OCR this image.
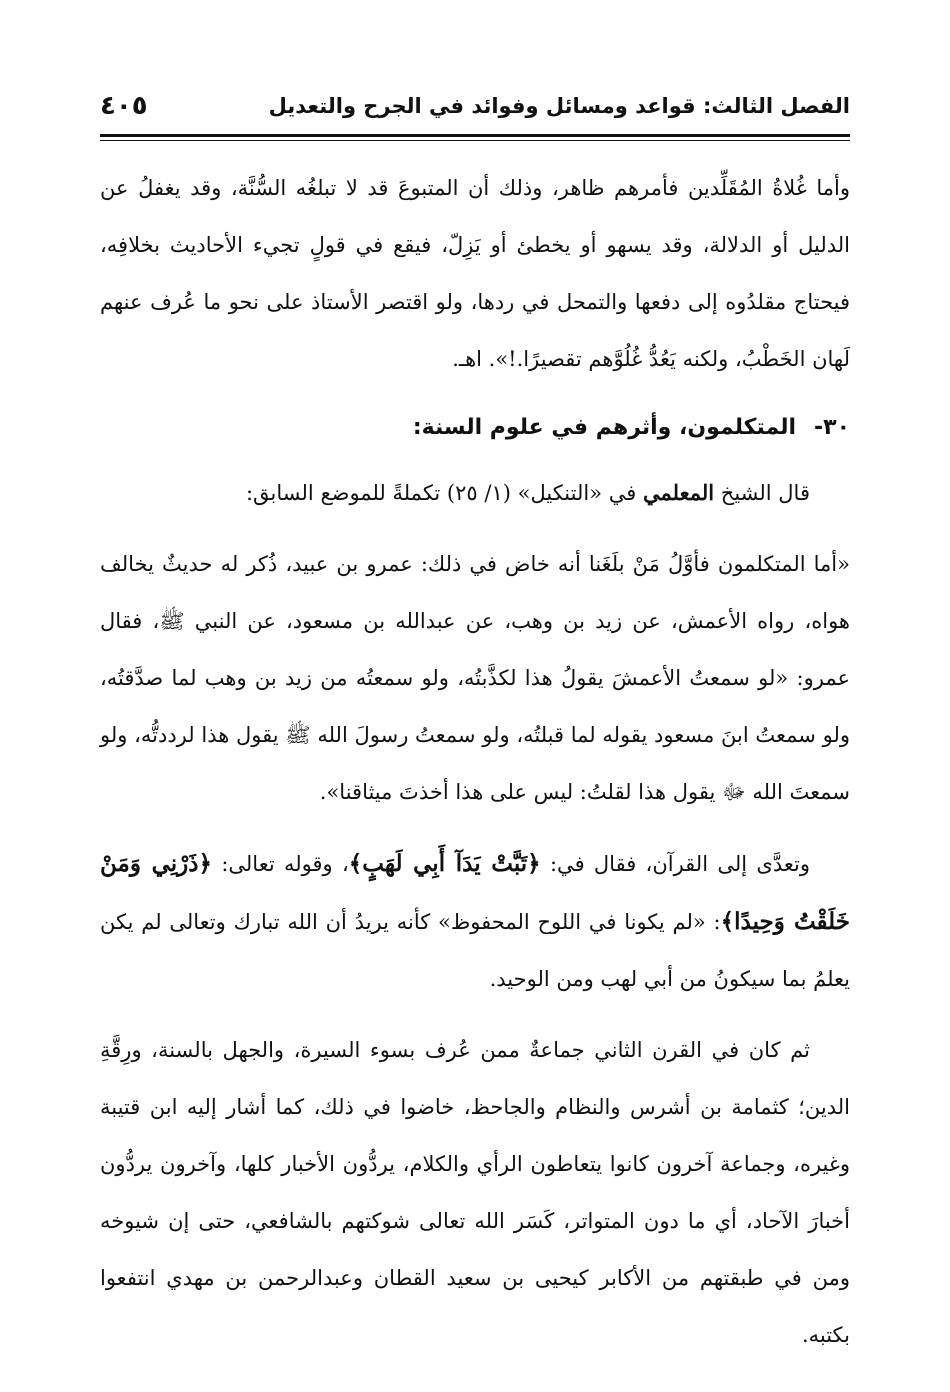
الفصل الثالث: قواعد ومسائل وفوائد في الجرح والتعديل
٤٠٥

وأما غُلاةُ المُقَلِّدين فأمرهم ظاهر، وذلك أن المتبوعَ قد لا تبلغُه السُّنَّة، وقد يغفلُ عن الدليل أو الدلالة، وقد يسهو أو يخطئ أو يَزِلّ، فيقع في قولٍ تجيء الأحاديث بخلافِه، فيحتاج مقلدُوه إلى دفعها والتمحل في ردها، ولو اقتصر الأستاذ على نحو ما عُرف عنهم لَهان الخَطْبُ، ولكنه يَعُدُّ غُلُوَّهم تقصيرًا.!». اهـ.

٣٠-
المتكلمون، وأثرهم في علوم السنة:

قال الشيخ المعلمي في «التنكيل» (١/ ٢٥) تكملةً للموضع السابق:

«أما المتكلمون فأوَّلُ مَنْ بلَغَنا أنه خاض في ذلك: عمرو بن عبيد، ذُكر له حديثٌ يخالف هواه، رواه الأعمش، عن زيد بن وهب، عن عبدالله بن مسعود، عن النبي ﷺ، فقال عمرو: «لو سمعتُ الأعمشَ يقولُ هذا لكذَّبتُه، ولو سمعتُه من زيد بن وهب لما صدَّقتُه، ولو سمعتُ ابنَ مسعود يقوله لما قبلتُه، ولو سمعتُ رسولَ الله ﷺ يقول هذا لرددتُّه، ولو سمعتَ الله ﷻ يقول هذا لقلتُ: ليس على هذا أخذتَ ميثاقنا».

وتعدَّى إلى القرآن، فقال في: ﴿تَبَّتْ يَدَآ أَبِي لَهَبٍ﴾، وقوله تعالى: ﴿ذَرْنِي وَمَنْ خَلَقْتُ وَحِيدًا﴾: «لم يكونا في اللوح المحفوظ» كأنه يريدُ أن الله تبارك وتعالى لم يكن يعلمُ بما سيكونُ من أبي لهب ومن الوحيد.

ثم كان في القرن الثاني جماعةٌ ممن عُرف بسوء السيرة، والجهل بالسنة، ورِقَّةِ الدين؛ كثمامة بن أشرس والنظام والجاحظ، خاضوا في ذلك، كما أشار إليه ابن قتيبة وغيره، وجماعة آخرون كانوا يتعاطون الرأي والكلام، يردُّون الأخبار كلها، وآخرون يردُّون أخبارَ الآحاد، أي ما دون المتواتر، كَسَر الله تعالى شوكتهم بالشافعي، حتى إن شيوخه ومن في طبقتهم من الأكابر كيحيى بن سعيد القطان وعبدالرحمن بن مهدي انتفعوا بكتبه.
